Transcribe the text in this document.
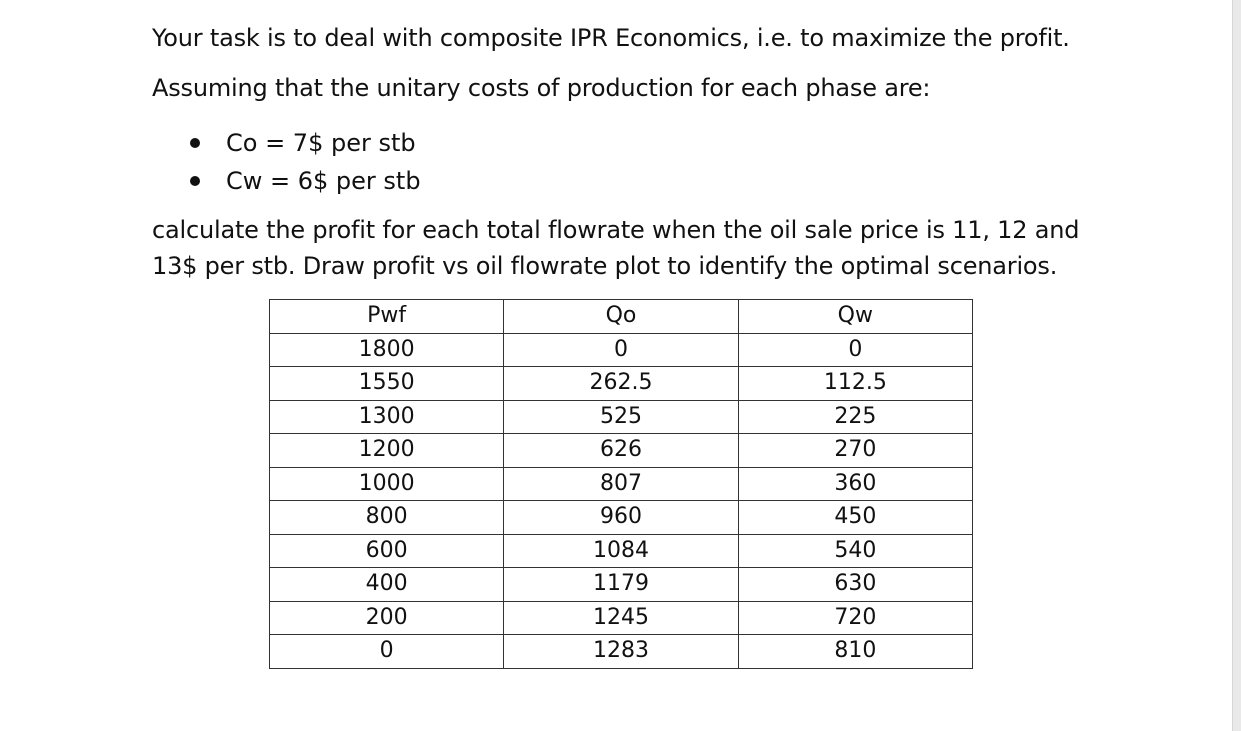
Your task is to deal with composite IPR Economics, i.e. to maximize the profit.

Assuming that the unitary costs of production for each phase are:

Co = 7$ per stb
Cw = 6$ per stb
calculate the profit for each total flowrate when the oil sale price is 11, 12 and
13$ per stb. Draw profit vs oil flowrate plot to identify the optimal scenarios.
Pwf	Qo	Qw
1800	0	0
1550	262.5	112.5
1300	525	225
1200	626	270
1000	807	360
800	960	450
600	1084	540
400	1179	630
200	1245	720
0	1283	810
